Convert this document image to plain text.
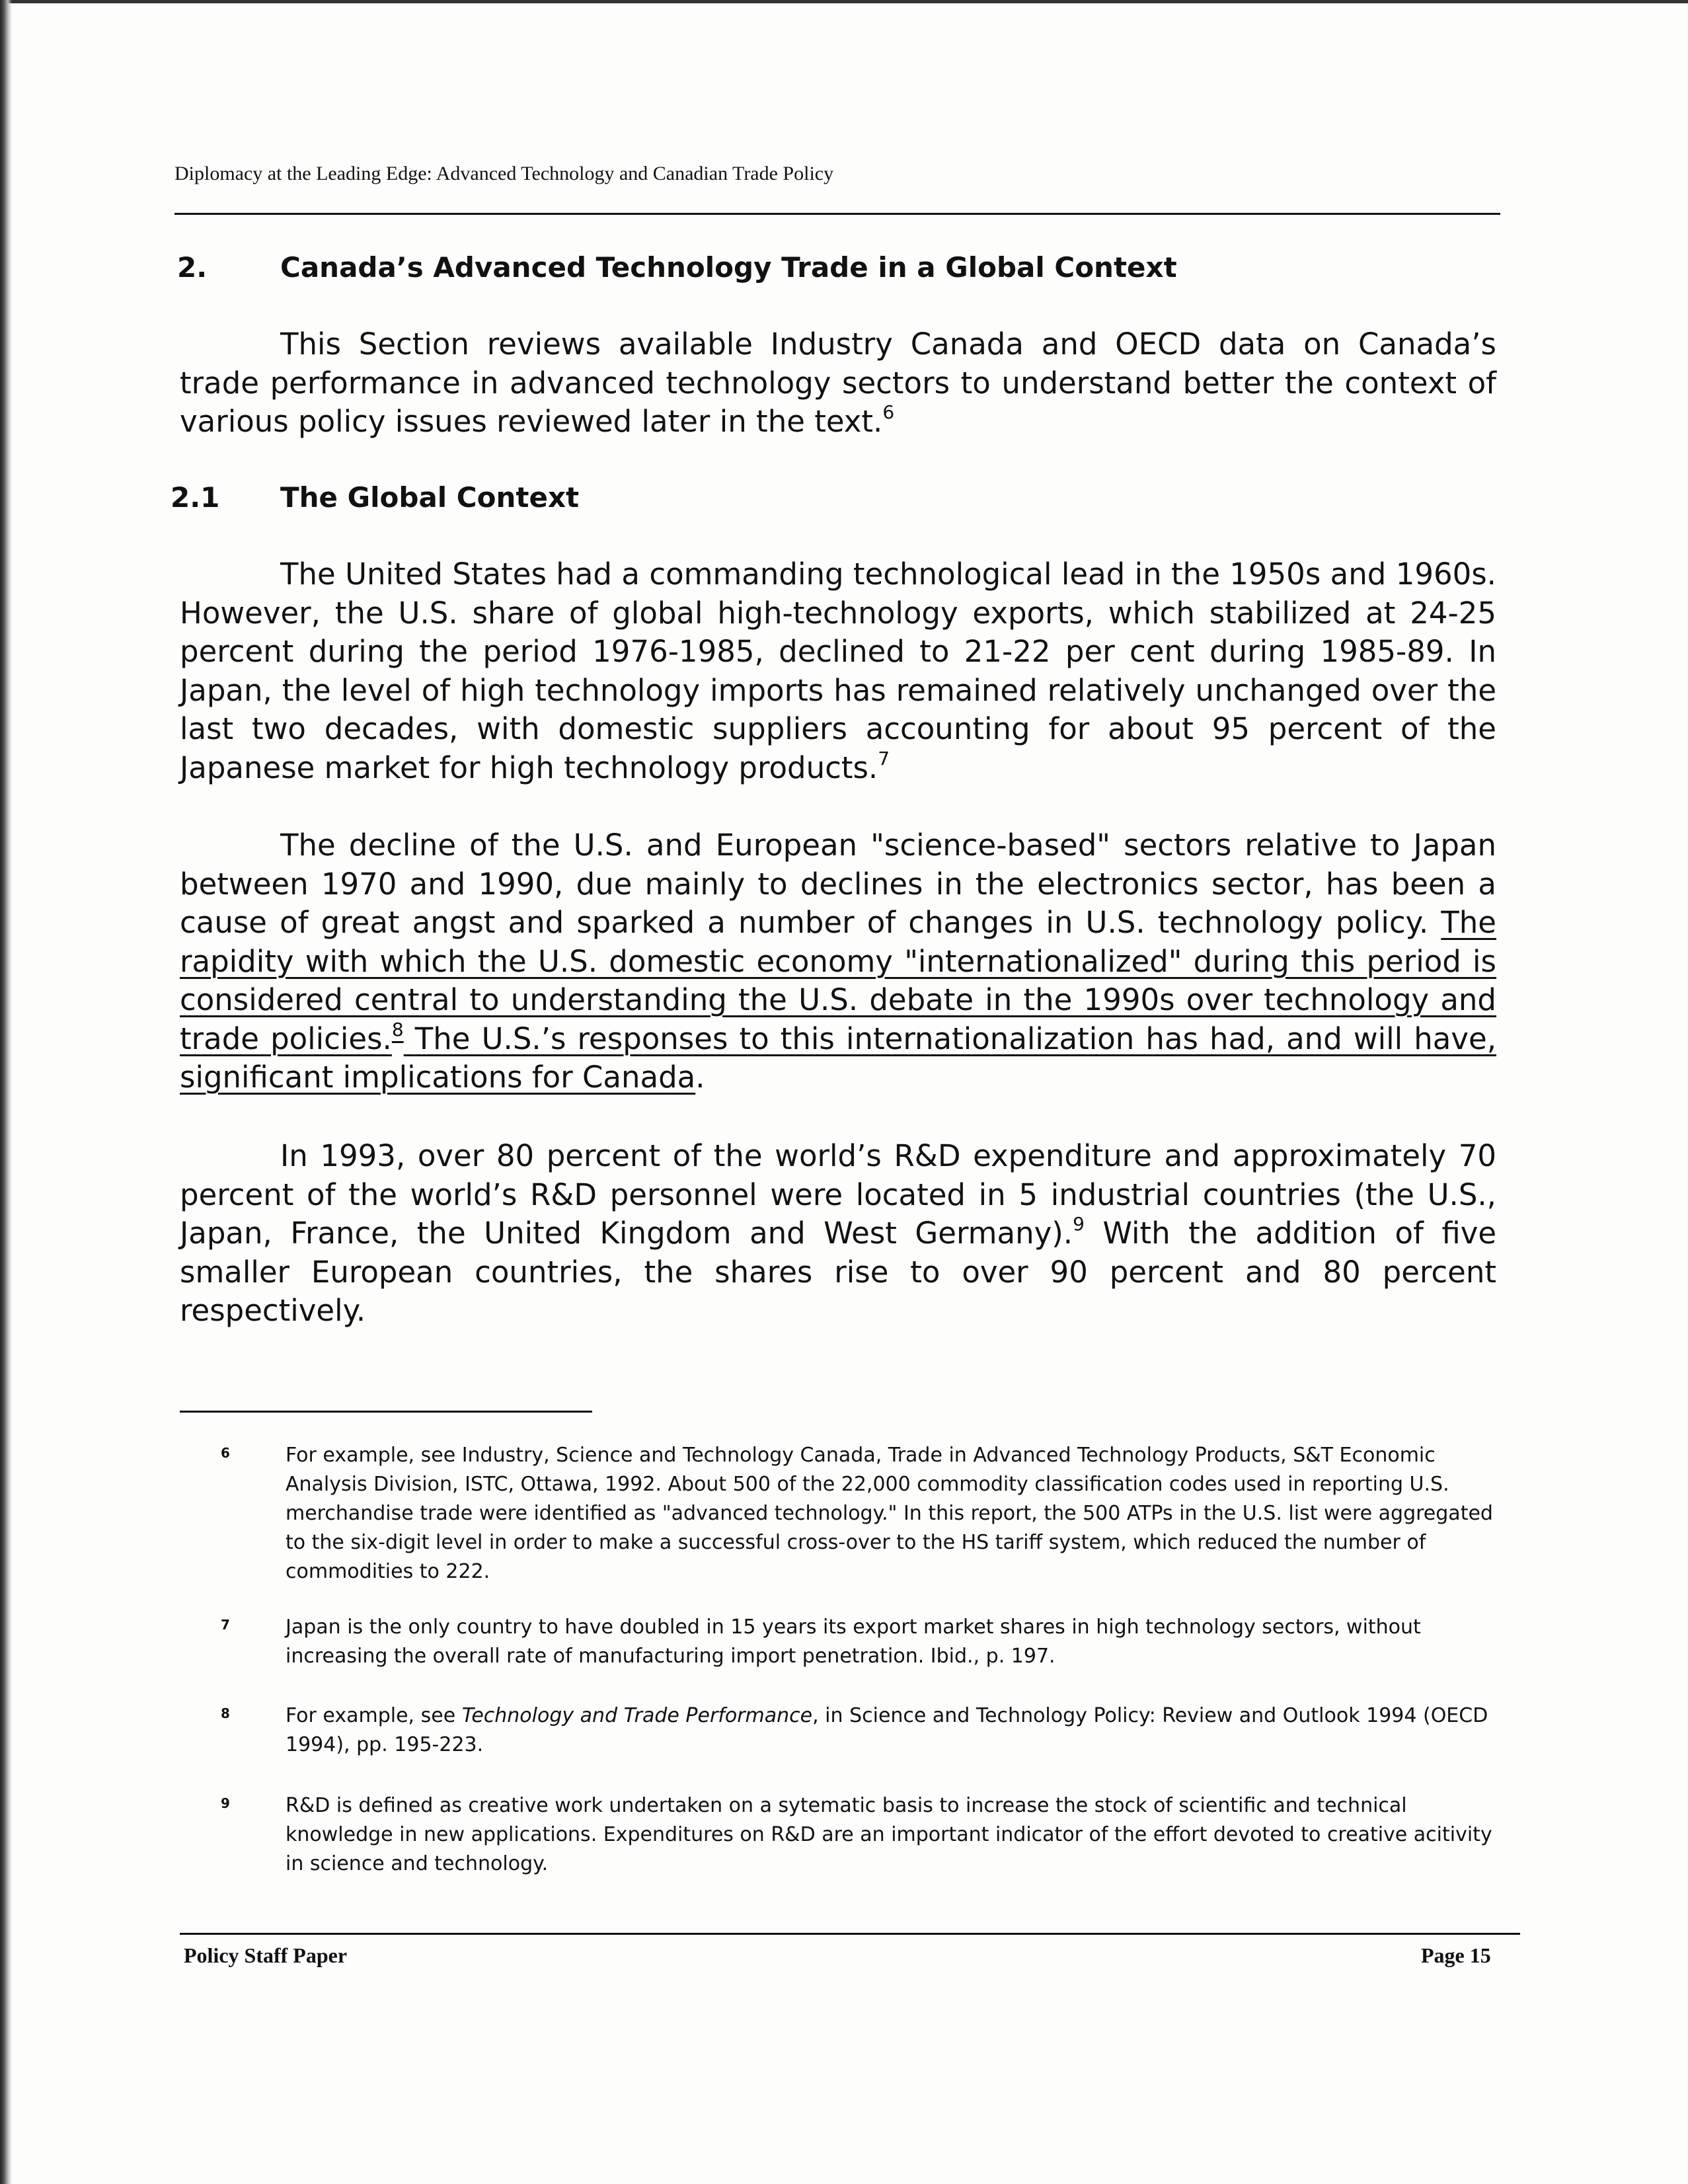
Diplomacy at the Leading Edge: Advanced Technology and Canadian Trade Policy
2.	Canada’s Advanced Technology Trade in a Global Context
This Section reviews available Industry Canada and OECD data on Canada’s trade performance in advanced technology sectors to understand better the context of various policy issues reviewed later in the text.$^6$
2.1 The Global Context
The United States had a commanding technological lead in the 1950s and 1960s. However, the U.S. share of global high-technology exports, which stabilized at 24-25 percent during the period 1976-1985, declined to 21-22 per cent during 1985-89. In Japan, the level of high technology imports has remained relatively unchanged over the last two decades, with domestic suppliers accounting for about 95 percent of the Japanese market for high technology products.$^7$
The decline of the U.S. and European "science-based" sectors relative to Japan between 1970 and 1990, due mainly to declines in the electronics sector, has been a cause of great angst and sparked a number of changes in U.S. technology policy. The rapidity with which the U.S. domestic economy "internationalized" during this period is considered central to understanding the U.S. debate in the 1990s over technology and trade policies.$^8$ The U.S.’s responses to this internationalization has had, and will have, significant implications for Canada.
In 1993, over 80 percent of the world’s R&D expenditure and approximately 70 percent of the world’s R&D personnel were located in 5 industrial countries (the U.S., Japan, France, the United Kingdom and West Germany).$^9$ With the addition of five smaller European countries, the shares rise to over 90 percent and 80 percent respectively.
6	For example, see Industry, Science and Technology Canada, Trade in Advanced Technology Products, S&T Economic Analysis Division, ISTC, Ottawa, 1992. About 500 of the 22,000 commodity classification codes used in reporting U.S. merchandise trade were identified as "advanced technology." In this report, the 500 ATPs in the U.S. list were aggregated to the six-digit level in order to make a successful cross-over to the HS tariff system, which reduced the number of commodities to 222.
7	Japan is the only country to have doubled in 15 years its export market shares in high technology sectors, without increasing the overall rate of manufacturing import penetration. Ibid., p. 197.
8	For example, see Technology and Trade Performance, in Science and Technology Policy: Review and Outlook 1994 (OECD 1994), pp. 195-223.
9	R&D is defined as creative work undertaken on a sytematic basis to increase the stock of scientific and technical knowledge in new applications. Expenditures on R&D are an important indicator of the effort devoted to creative acitivity in science and technology.
Policy Staff Paper	Page 15
